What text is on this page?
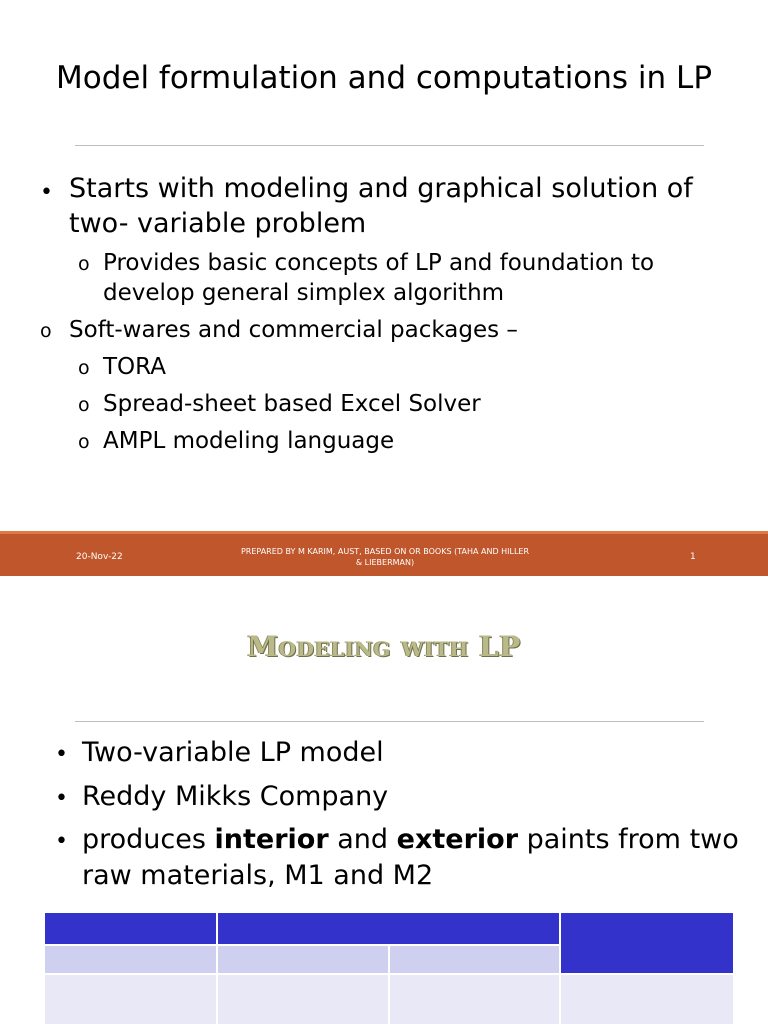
Model formulation and computations in LP
• Starts with modeling and graphical solution of
two- variable problem
o Provides basic concepts of LP and foundation to
develop general simplex algorithm
o Soft-wares and commercial packages –
o TORA
o Spread-sheet based Excel Solver
o AMPL modeling language
20-Nov-22
PREPARED BY M KARIM, AUST, BASED ON OR BOOKS (TAHA AND HILLER
& LIEBERMAN)
1
Modeling with LP
• Two-variable LP model
• Reddy Mikks Company
• produces interior and exterior paints from two
raw materials, M1 and M2
